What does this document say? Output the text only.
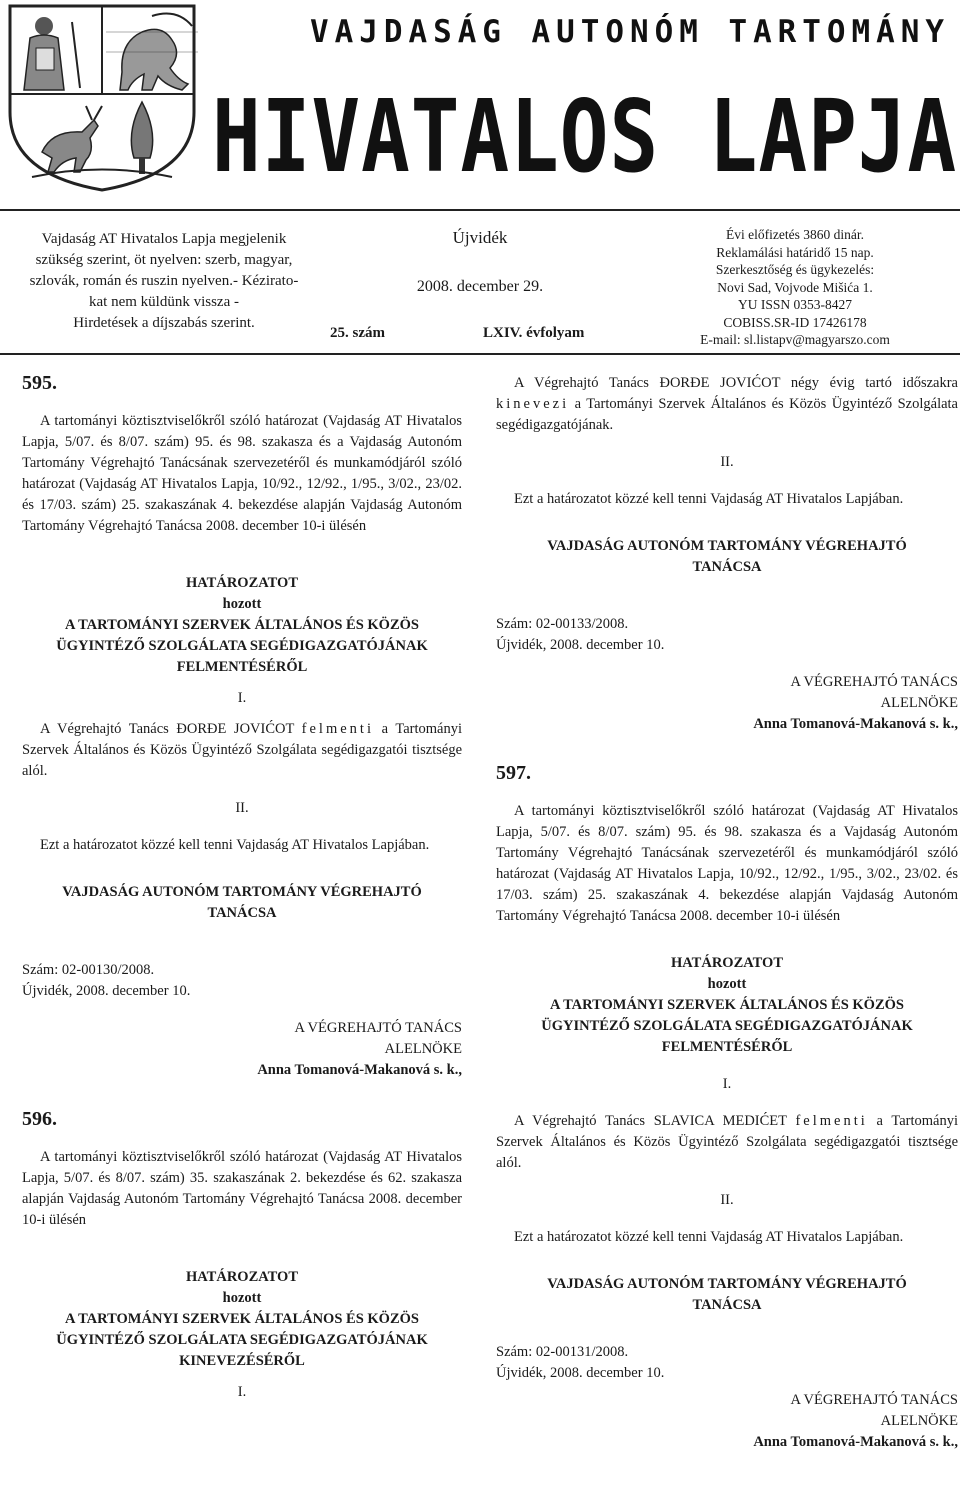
VAJDASÁG AUTONÓM TARTOMÁNY
HIVATALOS LAPJA
Vajdaság AT Hivatalos Lapja megjelenik
szükség szerint, öt nyelven: szerb, magyar,
szlovák, román és ruszin nyelven.- Kézirato-
kat nem küldünk vissza -
Hirdetések a díjszabás szerint.
Újvidék
2008. december 29.
25. szám	LXIV. évfolyam
Évi előfizetés 3860 dinár.
Reklamálási határidő 15 nap.
Szerkesztőség és ügykezelés:
Novi Sad, Vojvode Mišića 1.
YU ISSN 0353-8427
COBISS.SR-ID 17426178
E-mail: sl.listapv@magyarszo.com
595.

A tartományi köztisztviselőkről szóló határozat (Vajdaság AT Hivatalos Lapja, 5/07. és 8/07. szám) 95. és 98. szakasza és a Vajdaság Autonóm Tartomány Végrehajtó Tanácsának szervezetéről és munkamódjáról szóló határozat (Vajdaság AT Hivatalos Lapja, 10/92., 12/92., 1/95., 3/02., 23/02. és 17/03. szám) 25. szakaszának 4. bekezdése alapján Vajdaság Autonóm Tartomány Végrehajtó Tanácsa 2008. december 10-i ülésén

HATÁROZATOT
hozott
A TARTOMÁNYI SZERVEK ÁLTALÁNOS ÉS KÖZÖS ÜGYINTÉZŐ SZOLGÁLATA SEGÉDIGAZGATÓJÁNAK FELMENTÉSÉRŐL
I.

A Végrehajtó Tanács ĐORĐE JOVIĆOT felmenti a Tartományi Szervek Általános és Közös Ügyintéző Szolgálata segédigazgatói tisztsége alól.

II.

Ezt a határozatot közzé kell tenni Vajdaság AT Hivatalos Lapjában.

VAJDASÁG AUTONÓM TARTOMÁNY VÉGREHAJTÓ TANÁCSA
Szám: 02-00130/2008.
Újvidék, 2008. december 10.
A VÉGREHAJTÓ TANÁCS
ALELNÖKE
Anna Tomanová-Makanová s. k.,
596.

A tartományi köztisztviselőkről szóló határozat (Vajdaság AT Hivatalos Lapja, 5/07. és 8/07. szám) 35. szakaszának 2. bekezdése és 62. szakasza alapján Vajdaság Autonóm Tartomány Végrehajtó Tanácsa 2008. december 10-i ülésén

HATÁROZATOT
hozott
A TARTOMÁNYI SZERVEK ÁLTALÁNOS ÉS KÖZÖS ÜGYINTÉZŐ SZOLGÁLATA SEGÉDIGAZGATÓJÁNAK KINEVEZÉSÉRŐL
I.

A Végrehajtó Tanács ĐORĐE JOVIĆOT négy évig tartó időszakra kinevezi a Tartományi Szervek Általános és Közös Ügyintéző Szolgálata segédigazgatójának.

II.

Ezt a határozatot közzé kell tenni Vajdaság AT Hivatalos Lapjában.

VAJDASÁG AUTONÓM TARTOMÁNY VÉGREHAJTÓ TANÁCSA
Szám: 02-00133/2008.
Újvidék, 2008. december 10.
A VÉGREHAJTÓ TANÁCS
ALELNÖKE
Anna Tomanová-Makanová s. k.,
597.

A tartományi köztisztviselőkről szóló határozat (Vajdaság AT Hivatalos Lapja, 5/07. és 8/07. szám) 95. és 98. szakasza és a Vajdaság Autonóm Tartomány Végrehajtó Tanácsának szervezetéről és munkamódjáról szóló határozat (Vajdaság AT Hivatalos Lapja, 10/92., 12/92., 1/95., 3/02., 23/02. és 17/03. szám) 25. szakaszának 4. bekezdése alapján Vajdaság Autonóm Tartomány Végrehajtó Tanácsa 2008. december 10-i ülésén

HATÁROZATOT
hozott
A TARTOMÁNYI SZERVEK ÁLTALÁNOS ÉS KÖZÖS ÜGYINTÉZŐ SZOLGÁLATA SEGÉDIGAZGATÓJÁNAK FELMENTÉSÉRŐL
I.

A Végrehajtó Tanács SLAVICA MEDIĆET felmenti a Tartományi Szervek Általános és Közös Ügyintéző Szolgálata segédigazgatói tisztsége alól.

II.

Ezt a határozatot közzé kell tenni Vajdaság AT Hivatalos Lapjában.

VAJDASÁG AUTONÓM TARTOMÁNY VÉGREHAJTÓ TANÁCSA
Szám: 02-00131/2008.
Újvidék, 2008. december 10.
A VÉGREHAJTÓ TANÁCS
ALELNÖKE
Anna Tomanová-Makanová s. k.,
